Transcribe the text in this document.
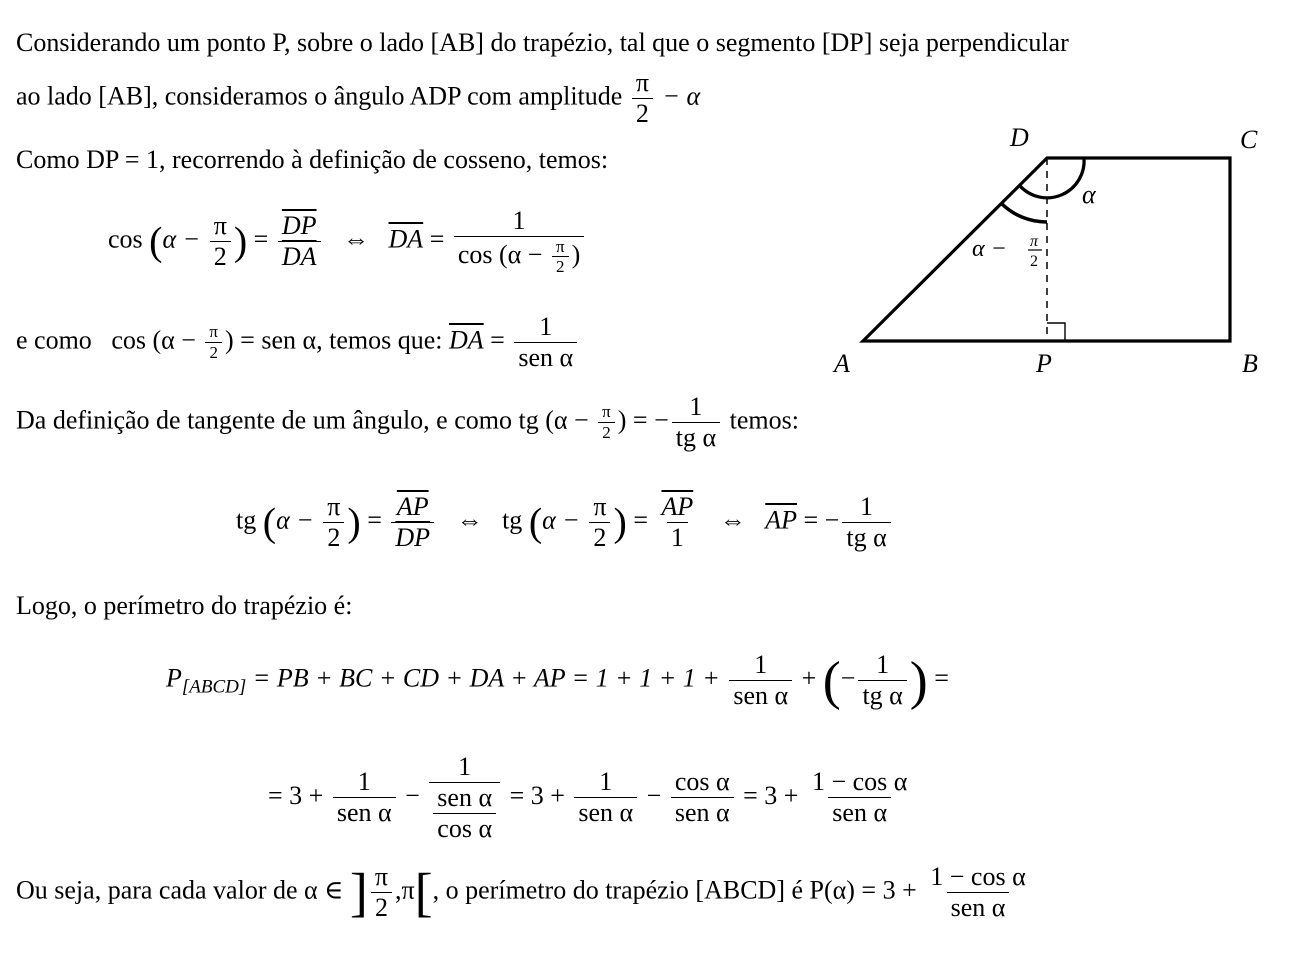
Considerando um ponto P, sobre o lado [AB] do trapézio, tal que o segmento [DP] seja perpendicular
ao lado [AB], consideramos o ângulo ADP com amplitude $\frac{\pi}{2} - \alpha$
Como DP = 1, recorrendo à definição de cosseno, temos:
$\cos (\alpha - \frac{\pi}{2}$ ) = $\frac{\overline{DP}}{DA}$ ⇔ $\overline{DA} = \frac{1}{\cos (\alpha - \frac{\pi}{2} )}$
e como $\cos (\alpha - \frac{\pi}{2}$ ) = sen α, temos que: $\overline{DA} = \frac{1}{\text{sen α}}$
Da definição de tangente de um ângulo, e como tg ($\alpha - \frac{\pi}{2}$ ) = − $\frac{1}{\text{tg α}}$ temos:
tg ($\alpha - \frac{\pi}{2}$ ) = $\frac{\overline{AP}}{DP}$ ⇔ tg ($\alpha - \frac{\pi}{2}$ ) = $\frac{\overline{AP}}{1}$ ⇔ $\overline{AP}$ = − $\frac{1}{\text{tg α}}$
Logo, o perímetro do trapézio é:
$P_{[ABCD]}$ = PB + BC + CD + DA + AP = $1 + 1 + 1 + \frac{1}{\text{sen α}}$ + (− $\frac{1}{\text{tg α}}$ ) =
= $3 + \frac{1}{\text{sen α}} - \frac{1}{\frac{\text{sen α}}{\text{cos α}}} = 3 + \frac{1}{\text{sen α}} - \frac{\text{cos α}}{\text{sen α}} = 3 + \frac{\text{1 − cos α}}{\text{sen α}}$
Ou seja, para cada valor de α ∈ ] $\frac{\pi}{2} ,\pi$[, o perímetro do trapézio [ABCD] é $P(\alpha) = 3 + \frac{\text{1 − cos α}}{\text{sen α}}$
A	P	B
C
D
α
α − π
2
